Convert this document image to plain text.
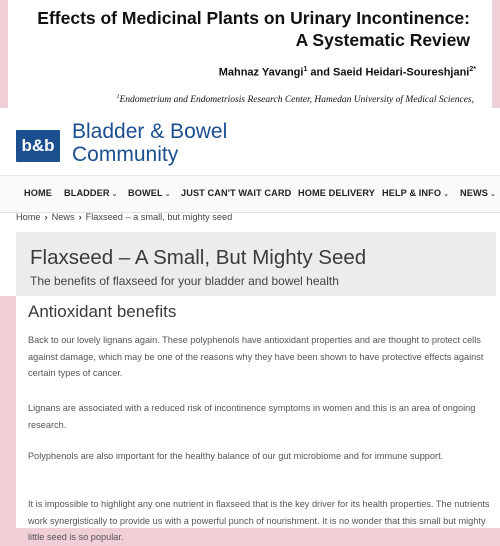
Effects of Medicinal Plants on Urinary Incontinence:
A Systematic Review
Mahnaz Yavangi$^1$ and Saeid Heidari-Soureshjani$^{2*}$
$^1$Endometrium and Endometriosis Research Center, Hamedan University of Medical Sciences,
b&b
Bladder & Bowel
Community
HOME BLADDER ⌄ BOWEL ⌄ JUST CAN'T WAIT CARD HOME DELIVERY HELP & INFO ⌄ NEWS ⌄
Home › News › Flaxseed – a small, but mighty seed
Flaxseed – A Small, But Mighty Seed
The benefits of flaxseed for your bladder and bowel health
Antioxidant benefits
Back to our lovely lignans again. These polyphenols have antioxidant properties and are thought to protect cells against damage, which may be one of the reasons why they have been shown to have protective effects against certain types of cancer.
Lignans are associated with a reduced risk of incontinence symptoms in women and this is an area of ongoing research.
Polyphenols are also important for the healthy balance of our gut microbiome and for immune support.
It is impossible to highlight any one nutrient in flaxseed that is the key driver for its health properties. The nutrients work synergistically to provide us with a powerful punch of nourishment. It is no wonder that this small but mighty little seed is so popular.
